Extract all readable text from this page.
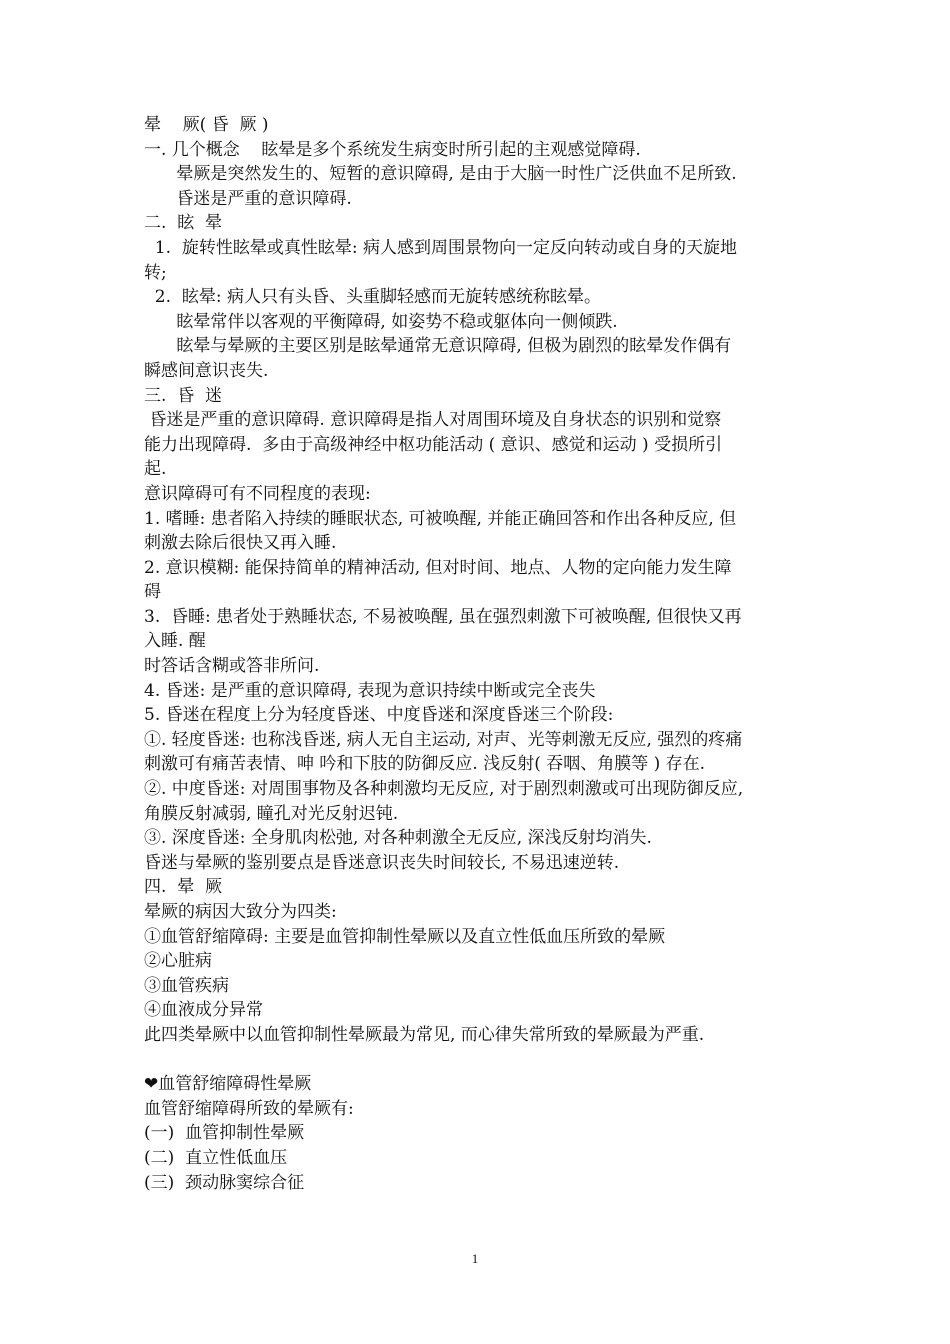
晕    厥( 昏  厥 )
一. 几个概念    眩晕是多个系统发生病变时所引起的主观感觉障碍.
晕厥是突然发生的、短暂的意识障碍, 是由于大脑一时性广泛供血不足所致.
昏迷是严重的意识障碍.
二.  眩  晕
1.  旋转性眩晕或真性眩晕: 病人感到周围景物向一定反向转动或自身的天旋地
转;
2.  眩晕: 病人只有头昏、头重脚轻感而无旋转感统称眩晕。
眩晕常伴以客观的平衡障碍, 如姿势不稳或躯体向一侧倾跌.
眩晕与晕厥的主要区别是眩晕通常无意识障碍, 但极为剧烈的眩晕发作偶有
瞬感间意识丧失.
三.  昏  迷
昏迷是严重的意识障碍. 意识障碍是指人对周围环境及自身状态的识别和觉察
能力出现障碍.  多由于高级神经中枢功能活动 ( 意识、感觉和运动 ) 受损所引
起.
意识障碍可有不同程度的表现:
1. 嗜睡: 患者陷入持续的睡眠状态, 可被唤醒, 并能正确回答和作出各种反应, 但
刺激去除后很快又再入睡.
2. 意识模糊: 能保持简单的精神活动, 但对时间、地点、人物的定向能力发生障
碍
3.  昏睡: 患者处于熟睡状态, 不易被唤醒, 虽在强烈刺激下可被唤醒, 但很快又再
入睡. 醒
时答话含糊或答非所问.
4. 昏迷: 是严重的意识障碍, 表现为意识持续中断或完全丧失
5. 昏迷在程度上分为轻度昏迷、中度昏迷和深度昏迷三个阶段:
①. 轻度昏迷: 也称浅昏迷, 病人无自主运动, 对声、光等刺激无反应, 强烈的疼痛
刺激可有痛苦表情、呻 吟和下肢的防御反应. 浅反射( 吞咽、角膜等 ) 存在.
②. 中度昏迷: 对周围事物及各种刺激均无反应, 对于剧烈刺激或可出现防御反应,
角膜反射减弱, 瞳孔对光反射迟钝.
③. 深度昏迷: 全身肌肉松弛, 对各种刺激全无反应, 深浅反射均消失.
昏迷与晕厥的鉴别要点是昏迷意识丧失时间较长, 不易迅速逆转.
四.  晕  厥
晕厥的病因大致分为四类:
①血管舒缩障碍: 主要是血管抑制性晕厥以及直立性低血压所致的晕厥
②心脏病
③血管疾病
④血液成分异常
此四类晕厥中以血管抑制性晕厥最为常见, 而心律失常所致的晕厥最为严重.
❤血管舒缩障碍性晕厥
血管舒缩障碍所致的晕厥有:
(一)  血管抑制性晕厥
(二)  直立性低血压
(三)  颈动脉窦综合征
1
